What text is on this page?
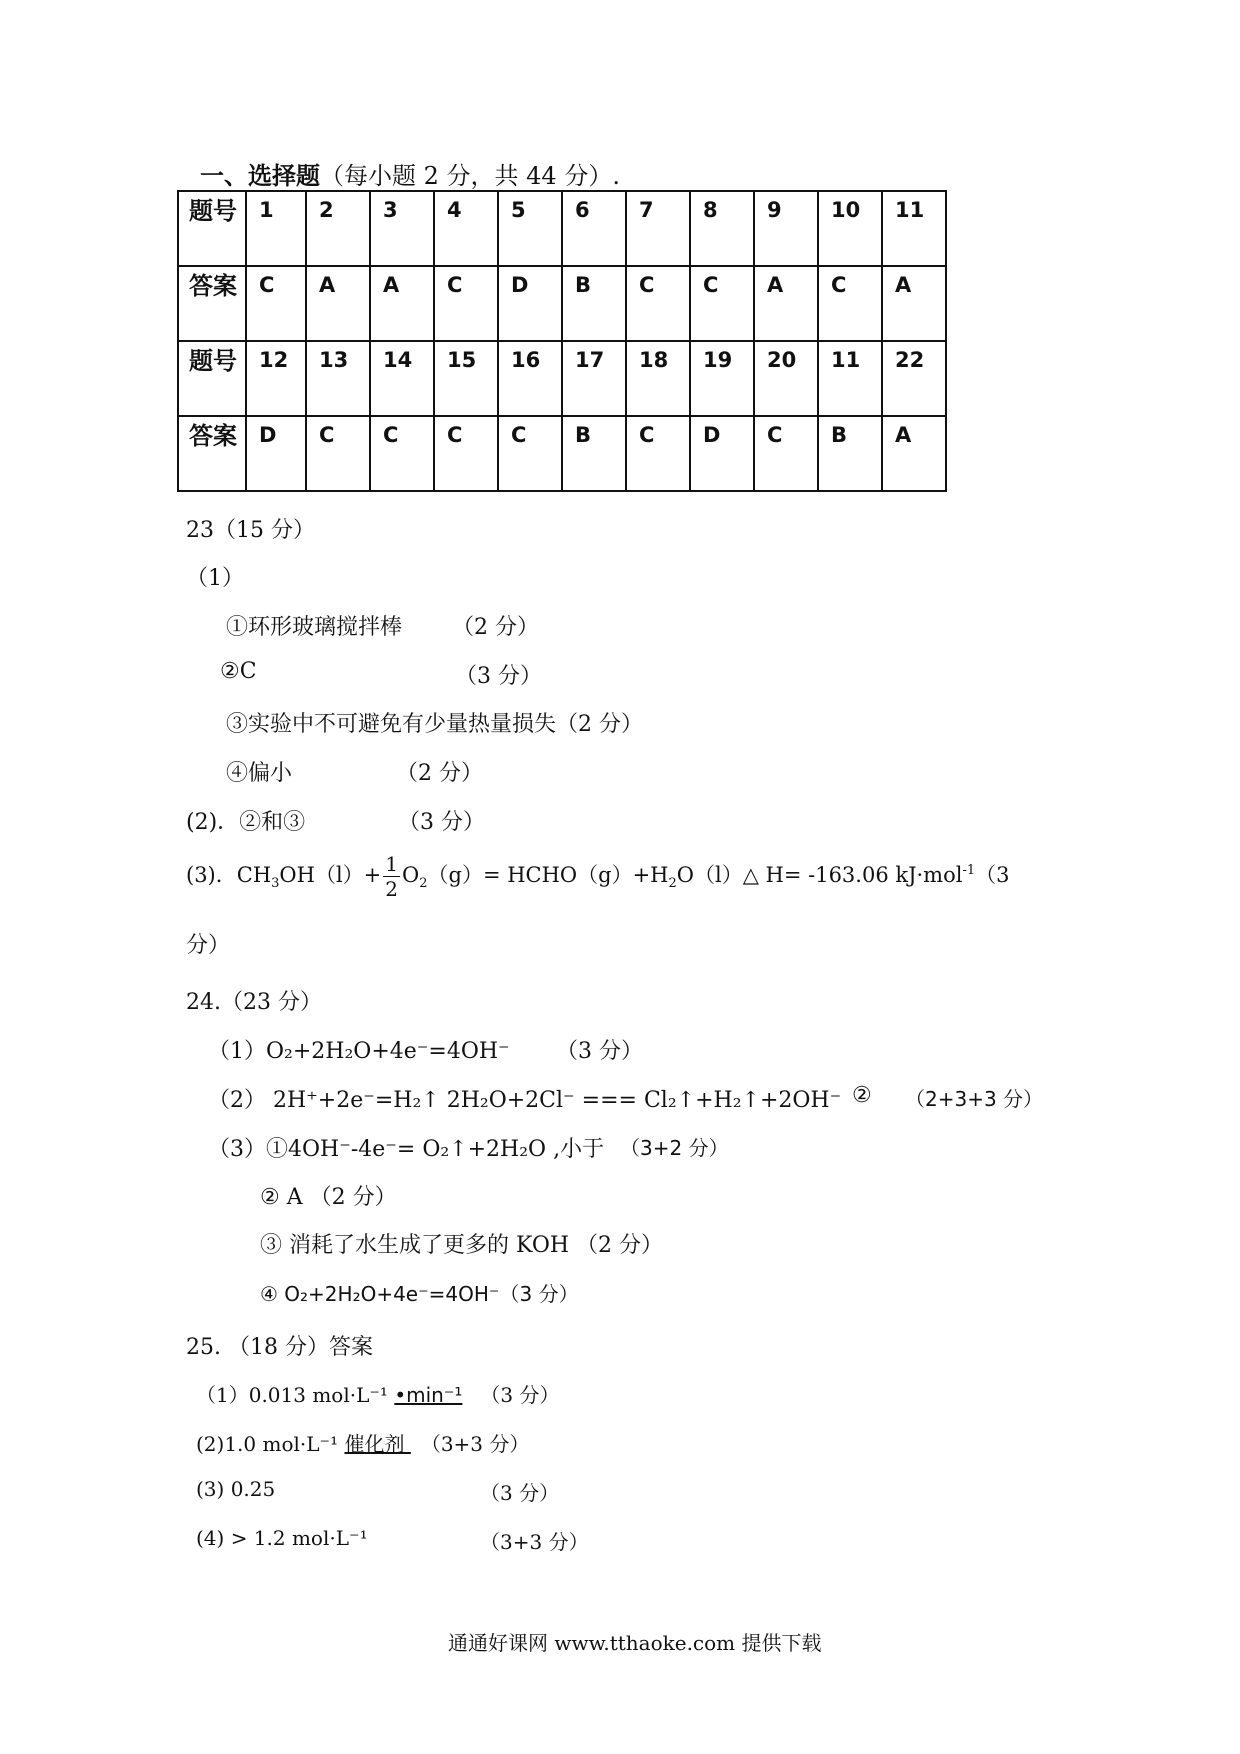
一、选择题（每小题 2 分，共 44 分）.
题号	1	2	3	4	5	6	7	8	9	10	11
答案	C	A	A	C	D	B	C	C	A	C	A
题号	12	13	14	15	16	17	18	19	20	11	22
答案	D	C	C	C	C	B	C	D	C	B	A
23（15 分）
（1）
①环形玻璃搅拌棒 （2 分）
②C	（3 分）
③实验中不可避免有少量热量损失（2 分）
④偏小	（2 分）
(2)．②和③	（3 分）
(3)．$CH_3OH(l)+ \frac{1}{2} O_2(g)=$ $HCHO(g)+H_2O(l)\triangle$ H= -163.06 kJ·mol$^{-1}$（3
分）
24.（23 分）
（1）O₂+2H₂O+4e⁻=4OH⁻ （3 分）
（2） 2H⁺+2e⁻=H₂↑ 2H₂O+2Cl⁻ === Cl₂↑+H₂↑+2OH⁻ ② （2+3+3 分）
（3）①4OH⁻-4e⁻= O₂↑+2H₂O ,小于 （3+2 分）
② A （2 分）
③ 消耗了水生成了更多的 KOH （2 分）
④ O₂+2H₂O+4e⁻=4OH⁻（3 分）
25. （18 分）答案
（1）0.013 mol·L⁻¹ •min⁻¹ （3 分）
(2)1.0 mol·L⁻¹ 催化剂 （3+3 分）
(3) 0.25	（3 分）
(4) > 1.2 mol·L⁻¹	（3+3 分）
通通好课网 www.tthaoke.com 提供下载
